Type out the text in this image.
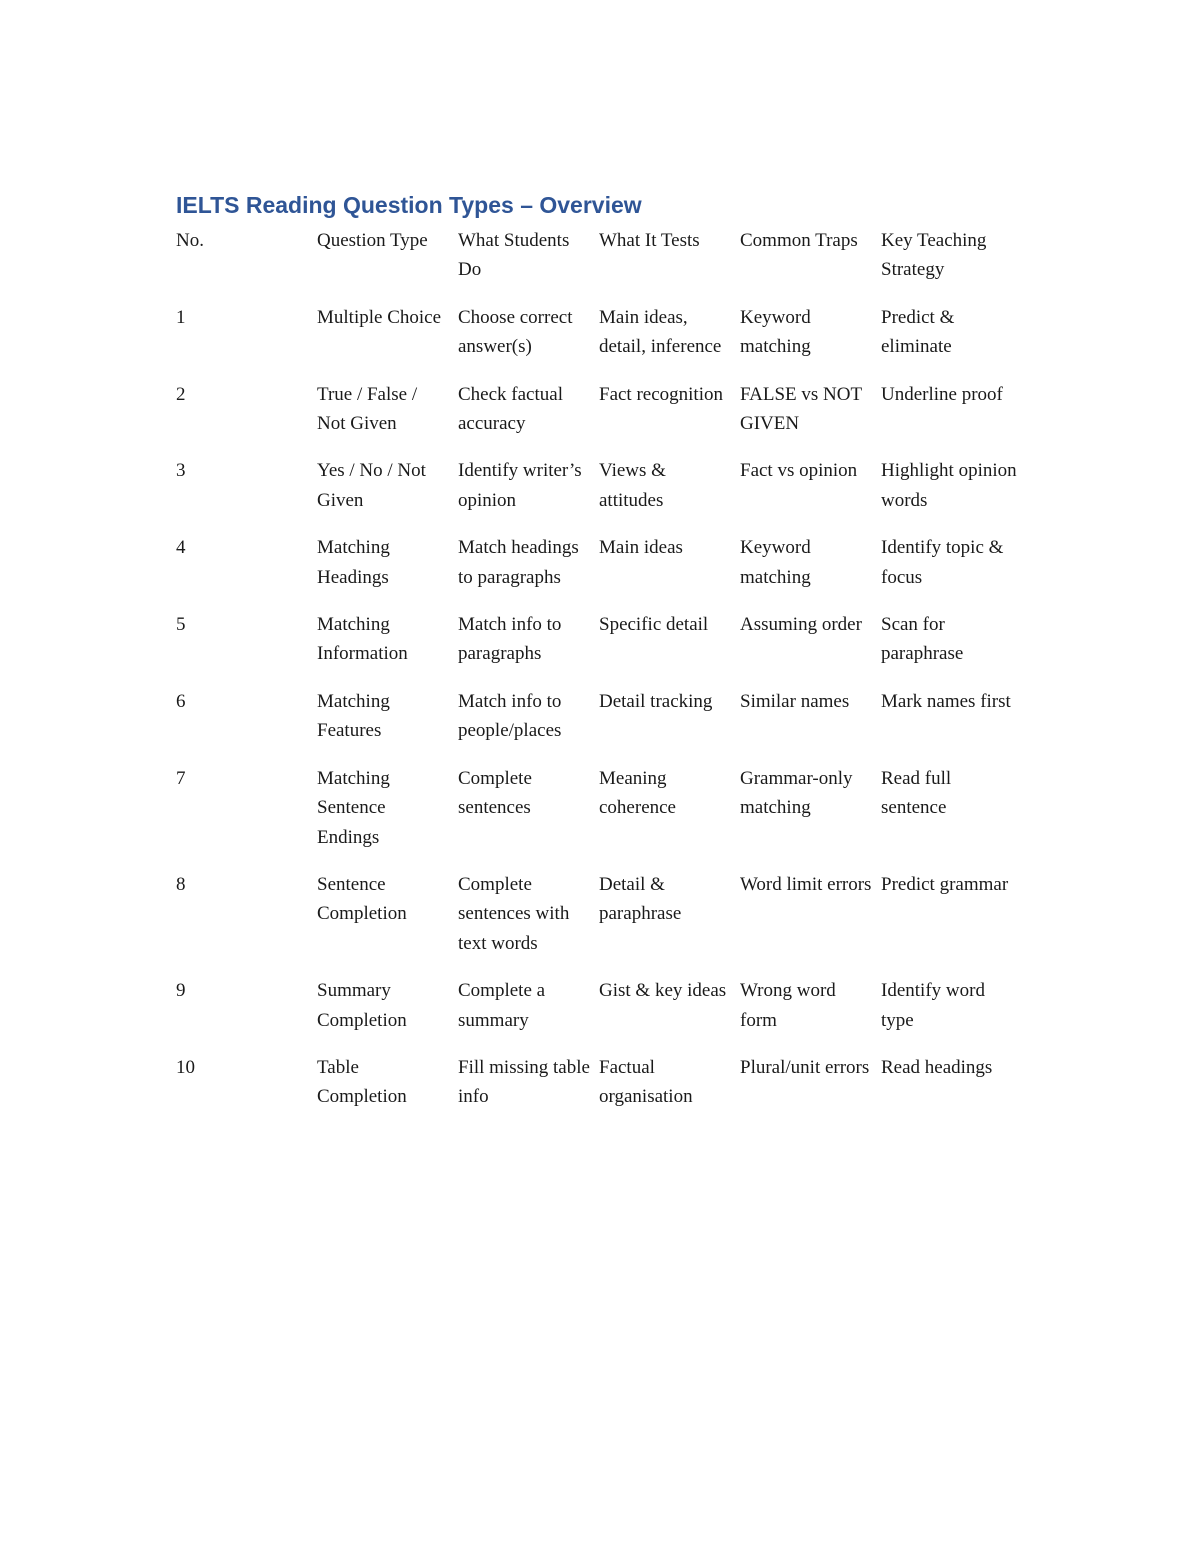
IELTS Reading Question Types – Overview
No.	Question Type	What Students Do	What It Tests	Common Traps	Key Teaching Strategy
1	Multiple Choice	Choose correct answer(s)	Main ideas, detail, inference	Keyword matching	Predict & eliminate
2	True / False / Not Given	Check factual accuracy	Fact recognition	FALSE vs NOT GIVEN	Underline proof
3	Yes / No / Not Given	Identify writer’s opinion	Views & attitudes	Fact vs opinion	Highlight opinion words
4	Matching Headings	Match headings to paragraphs	Main ideas	Keyword matching	Identify topic & focus
5	Matching Information	Match info to paragraphs	Specific detail	Assuming order	Scan for paraphrase
6	Matching Features	Match info to people/places	Detail tracking	Similar names	Mark names first
7	Matching Sentence Endings	Complete sentences	Meaning coherence	Grammar-only matching	Read full sentence
8	Sentence Completion	Complete sentences with text words	Detail & paraphrase	Word limit errors	Predict grammar
9	Summary Completion	Complete a summary	Gist & key ideas	Wrong word form	Identify word type
10	Table Completion	Fill missing table info	Factual organisation	Plural/unit errors	Read headings
